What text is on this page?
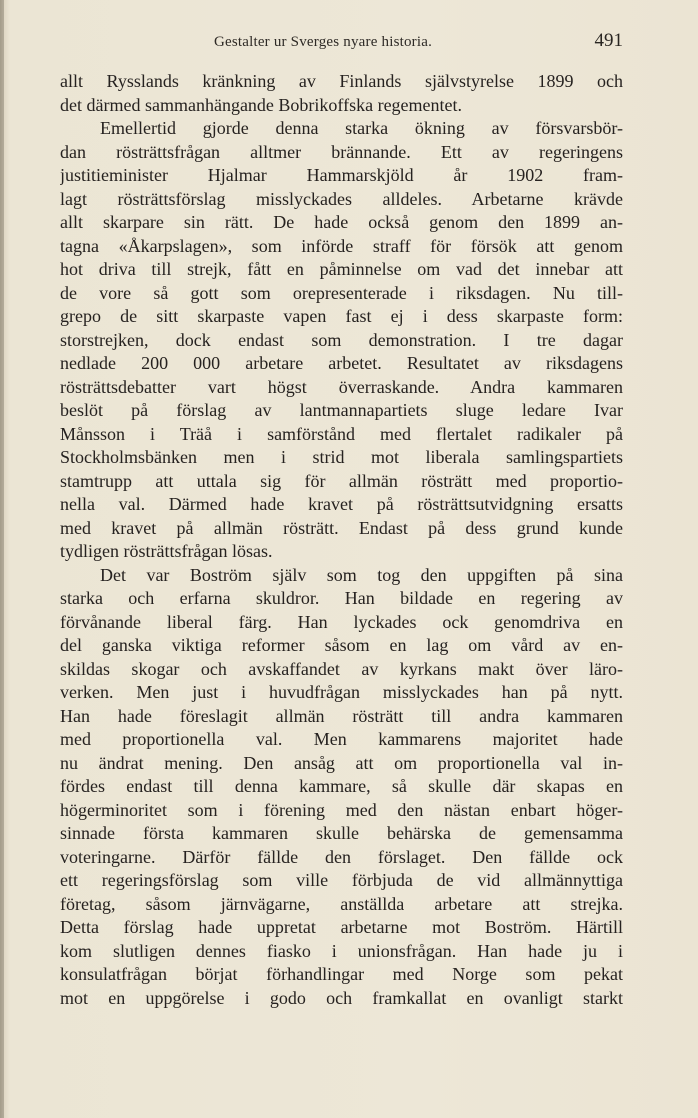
Gestalter ur Sverges nyare historia.	491
allt Rysslands kränkning av Finlands självstyrelse 1899 och
det därmed sammanhängande Bobrikoffska regementet.
Emellertid gjorde denna starka ökning av försvarsbör-
dan rösträttsfrågan alltmer brännande. Ett av regeringens
justitieminister Hjalmar Hammarskjöld år 1902 fram-
lagt rösträttsförslag misslyckades alldeles. Arbetarne krävde
allt skarpare sin rätt. De hade också genom den 1899 an-
tagna «Åkarpslagen», som införde straff för försök att genom
hot driva till strejk, fått en påminnelse om vad det innebar att
de vore så gott som orepresenterade i riksdagen. Nu till-
grepo de sitt skarpaste vapen fast ej i dess skarpaste form:
storstrejken, dock endast som demonstration. I tre dagar
nedlade 200 000 arbetare arbetet. Resultatet av riksdagens
rösträttsdebatter vart högst överraskande. Andra kammaren
beslöt på förslag av lantmannapartiets sluge ledare Ivar
Månsson i Träå i samförstånd med flertalet radikaler på
Stockholmsbänken men i strid mot liberala samlingspartiets
stamtrupp att uttala sig för allmän rösträtt med proportio-
nella val. Därmed hade kravet på rösträttsutvidgning ersatts
med kravet på allmän rösträtt. Endast på dess grund kunde
tydligen rösträttsfrågan lösas.
Det var Boström själv som tog den uppgiften på sina
starka och erfarna skuldror. Han bildade en regering av
förvånande liberal färg. Han lyckades ock genomdriva en
del ganska viktiga reformer såsom en lag om vård av en-
skildas skogar och avskaffandet av kyrkans makt över läro-
verken. Men just i huvudfrågan misslyckades han på nytt.
Han hade föreslagit allmän rösträtt till andra kammaren
med proportionella val. Men kammarens majoritet hade
nu ändrat mening. Den ansåg att om proportionella val in-
fördes endast till denna kammare, så skulle där skapas en
högerminoritet som i förening med den nästan enbart höger-
sinnade första kammaren skulle behärska de gemensamma
voteringarne. Därför fällde den förslaget. Den fällde ock
ett regeringsförslag som ville förbjuda de vid allmännyttiga
företag, såsom järnvägarne, anställda arbetare att strejka.
Detta förslag hade uppretat arbetarne mot Boström. Härtill
kom slutligen dennes fiasko i unionsfrågan. Han hade ju i
konsulatfrågan börjat förhandlingar med Norge som pekat
mot en uppgörelse i godo och framkallat en ovanligt starkt
